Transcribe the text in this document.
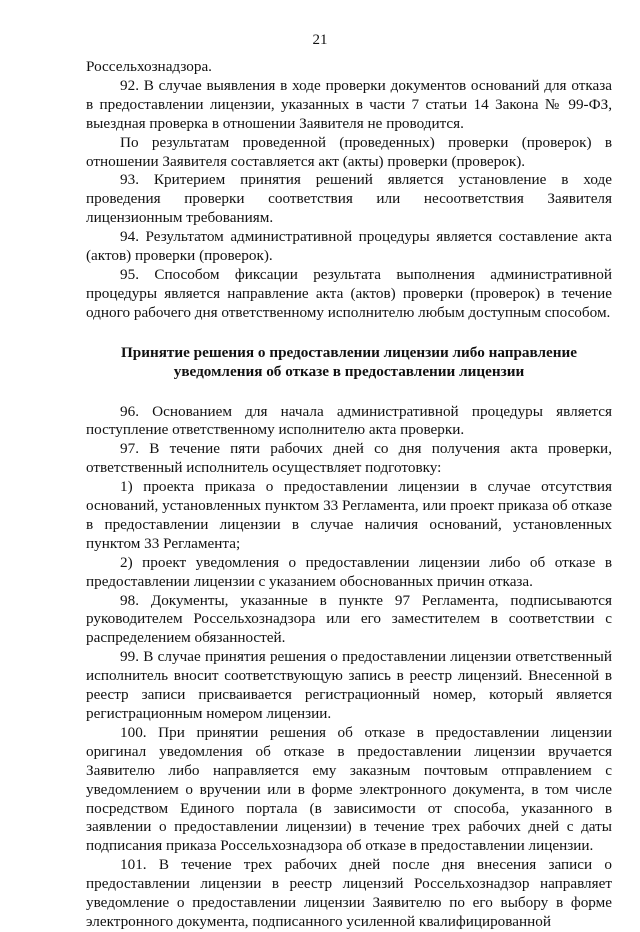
21

Россельхознадзора.

92. В случае выявления в ходе проверки документов оснований для отказа в предоставлении лицензии, указанных в части 7 статьи 14 Закона № 99-ФЗ, выездная проверка в отношении Заявителя не проводится.

По результатам проведенной (проведенных) проверки (проверок) в отношении Заявителя составляется акт (акты) проверки (проверок).

93. Критерием принятия решений является установление в ходе проведения проверки соответствия или несоответствия Заявителя лицензионным требованиям.

94. Результатом административной процедуры является составление акта (актов) проверки (проверок).

95. Способом фиксации результата выполнения административной процедуры является направление акта (актов) проверки (проверок) в течение одного рабочего дня ответственному исполнителю любым доступным способом.

Принятие решения о предоставлении лицензии либо направление
уведомления об отказе в предоставлении лицензии

96. Основанием для начала административной процедуры является поступление ответственному исполнителю акта проверки.

97. В течение пяти рабочих дней со дня получения акта проверки, ответственный исполнитель осуществляет подготовку:

1) проекта приказа о предоставлении лицензии в случае отсутствия оснований, установленных пунктом 33 Регламента, или проект приказа об отказе в предоставлении лицензии в случае наличия оснований, установленных пунктом 33 Регламента;

2) проект уведомления о предоставлении лицензии либо об отказе в предоставлении лицензии с указанием обоснованных причин отказа.

98. Документы, указанные в пункте 97 Регламента, подписываются руководителем Россельхознадзора или его заместителем в соответствии с распределением обязанностей.

99. В случае принятия решения о предоставлении лицензии ответственный исполнитель вносит соответствующую запись в реестр лицензий. Внесенной в реестр записи присваивается регистрационный номер, который является регистрационным номером лицензии.

100. При принятии решения об отказе в предоставлении лицензии оригинал уведомления об отказе в предоставлении лицензии вручается Заявителю либо направляется ему заказным почтовым отправлением с уведомлением о вручении или в форме электронного документа, в том числе посредством Единого портала (в зависимости от способа, указанного в заявлении о предоставлении лицензии) в течение трех рабочих дней с даты подписания приказа Россельхознадзора об отказе в предоставлении лицензии.

101. В течение трех рабочих дней после дня внесения записи о предоставлении лицензии в реестр лицензий Россельхознадзор направляет уведомление о предоставлении лицензии Заявителю по его выбору в форме электронного документа, подписанного усиленной квалифицированной
